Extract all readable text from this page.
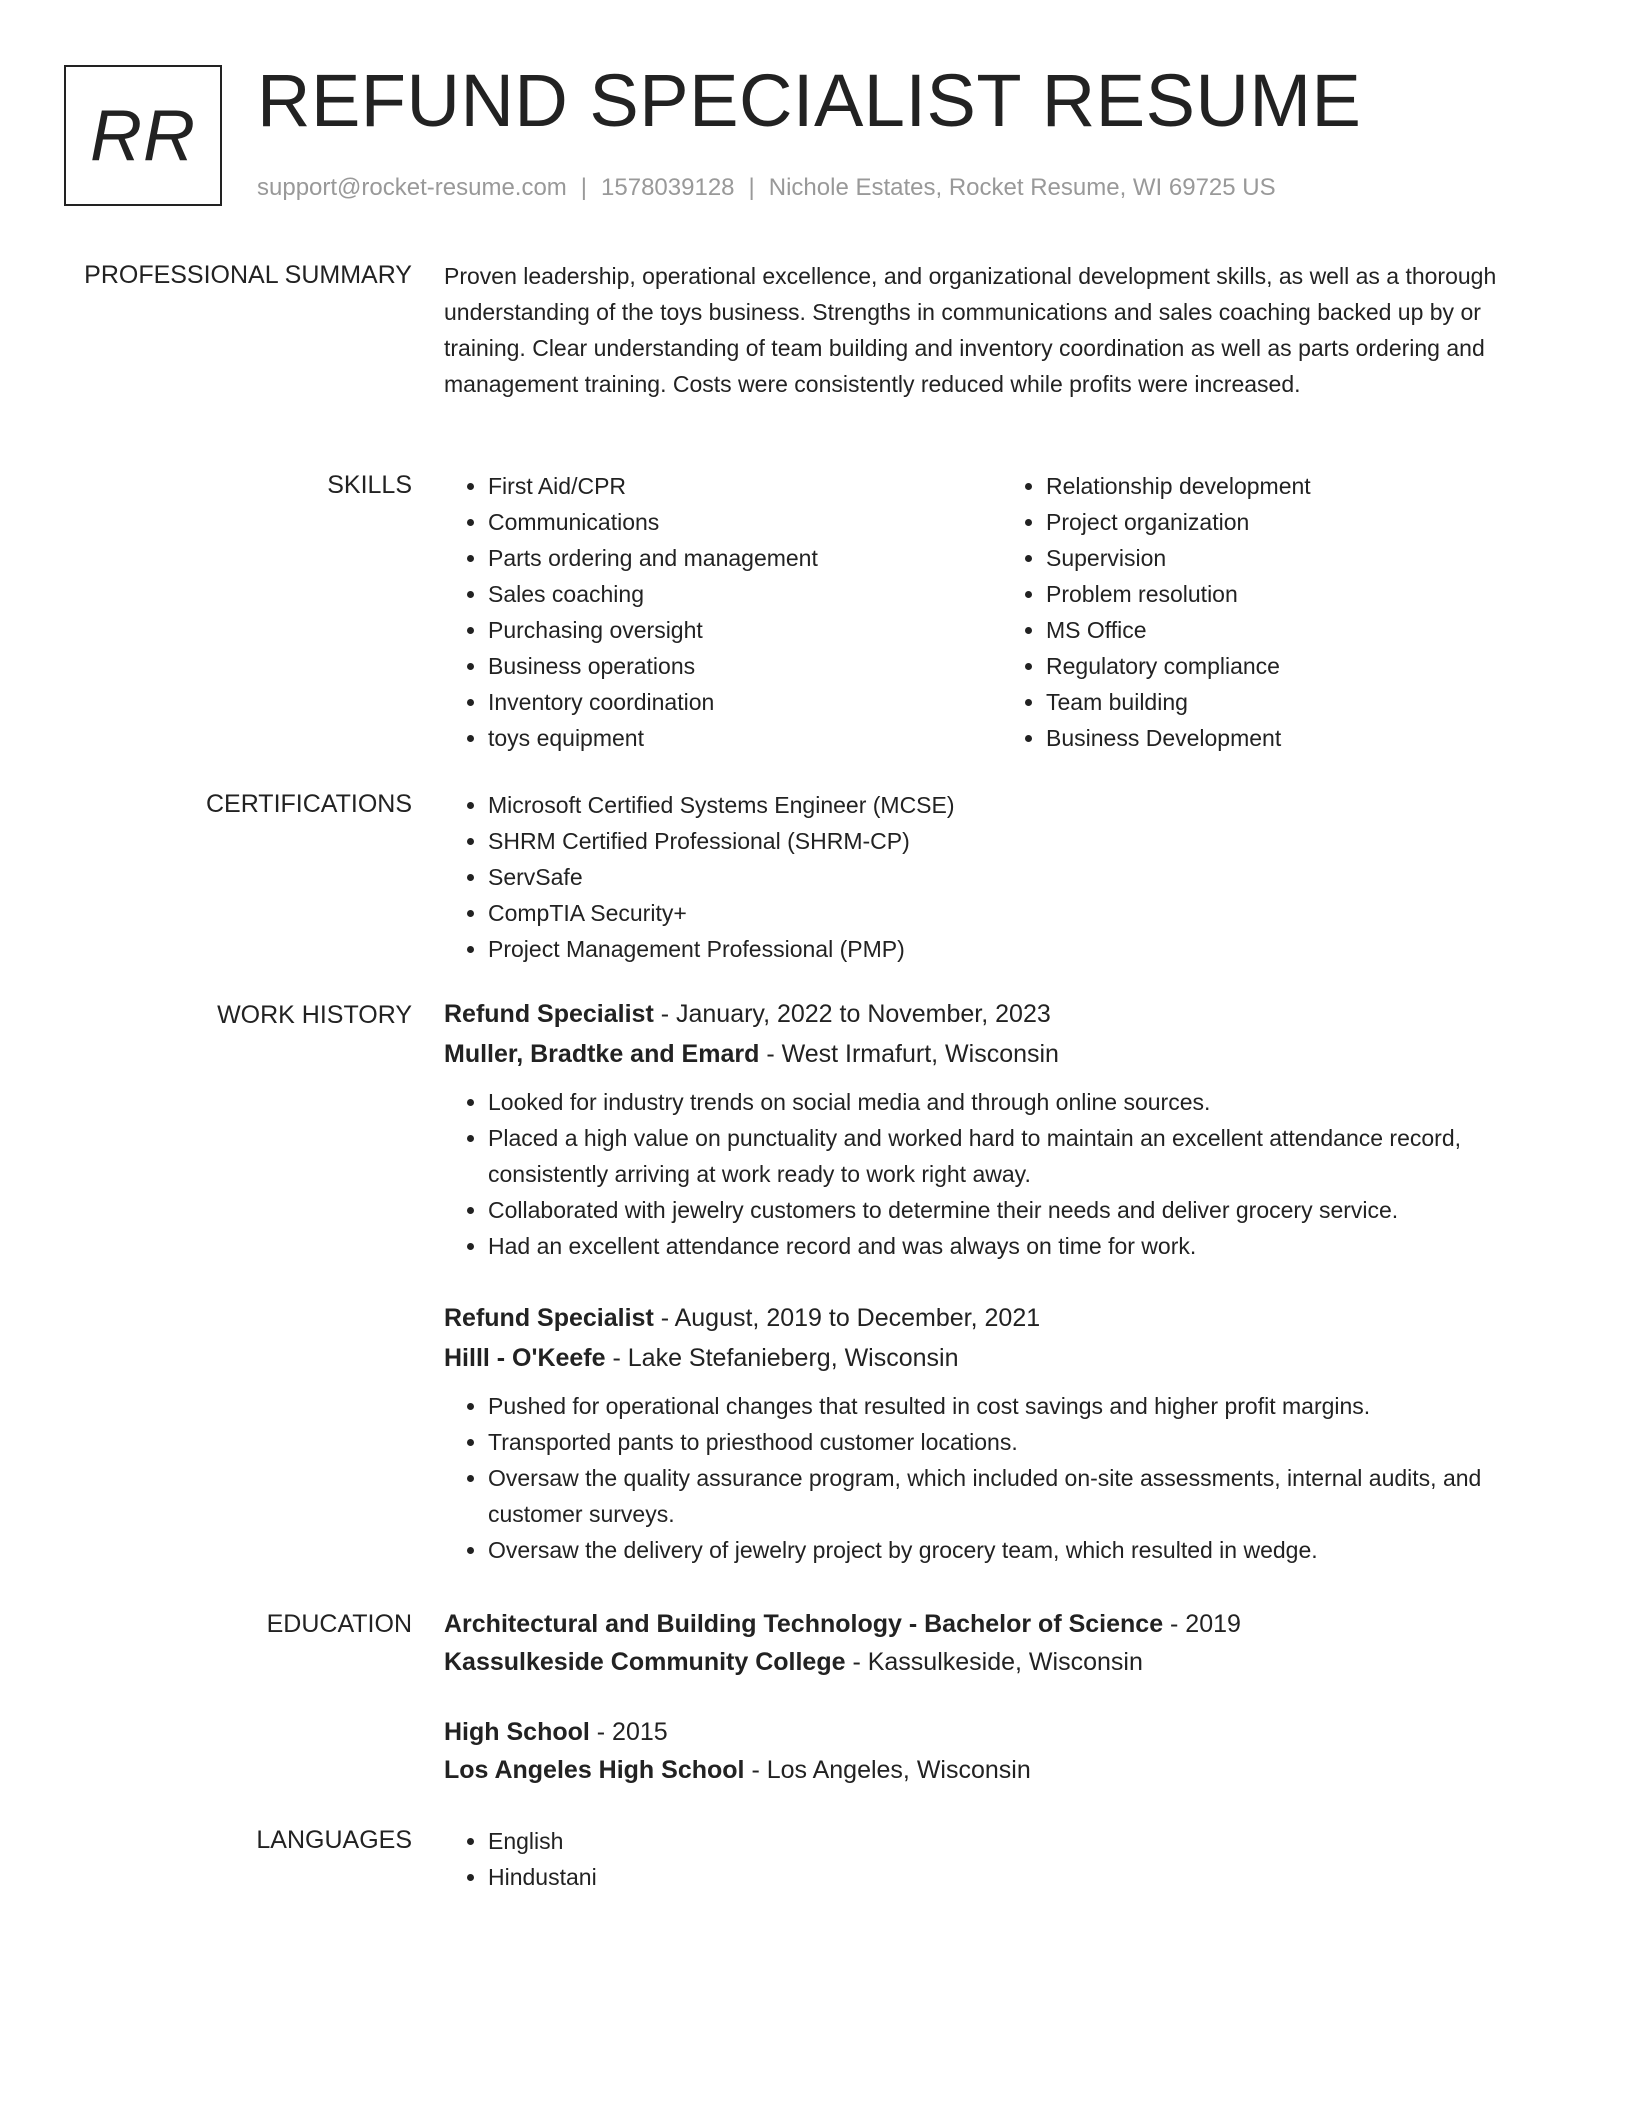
RR REFUND SPECIALIST RESUME
support@rocket-resume.com | 1578039128 | Nichole Estates, Rocket Resume, WI 69725 US
PROFESSIONAL SUMMARY Proven leadership, operational excellence, and organizational development skills, as well as a thorough understanding of the toys business. Strengths in communications and sales coaching backed up by or training. Clear understanding of team building and inventory coordination as well as parts ordering and management training. Costs were consistently reduced while profits were increased.
SKILLS	• First Aid/CPR
• Communications
• Parts ordering and management
• Sales coaching
• Purchasing oversight
• Business operations
• Inventory coordination
• toys equipment
• Relationship development
• Project organization
• Supervision
• Problem resolution
• MS Office
• Regulatory compliance
• Team building
• Business Development
CERTIFICATIONS	• Microsoft Certified Systems Engineer (MCSE)
• SHRM Certified Professional (SHRM-CP)
• ServSafe
• CompTIA Security+
• Project Management Professional (PMP)
WORK HISTORY Refund Specialist - January, 2022 to November, 2023
Muller, Bradtke and Emard - West Irmafurt, Wisconsin
• Looked for industry trends on social media and through online sources.
• Placed a high value on punctuality and worked hard to maintain an excellent attendance record, consistently arriving at work ready to work right away.
• Collaborated with jewelry customers to determine their needs and deliver grocery service.
• Had an excellent attendance record and was always on time for work.
Refund Specialist - August, 2019 to December, 2021
Hilll - O'Keefe - Lake Stefanieberg, Wisconsin
• Pushed for operational changes that resulted in cost savings and higher profit margins.
• Transported pants to priesthood customer locations.
• Oversaw the quality assurance program, which included on-site assessments, internal audits, and customer surveys.
• Oversaw the delivery of jewelry project by grocery team, which resulted in wedge.
EDUCATION Architectural and Building Technology - Bachelor of Science - 2019
Kassulkeside Community College - Kassulkeside, Wisconsin
High School - 2015
Los Angeles High School - Los Angeles, Wisconsin
LANGUAGES	• English
• Hindustani
